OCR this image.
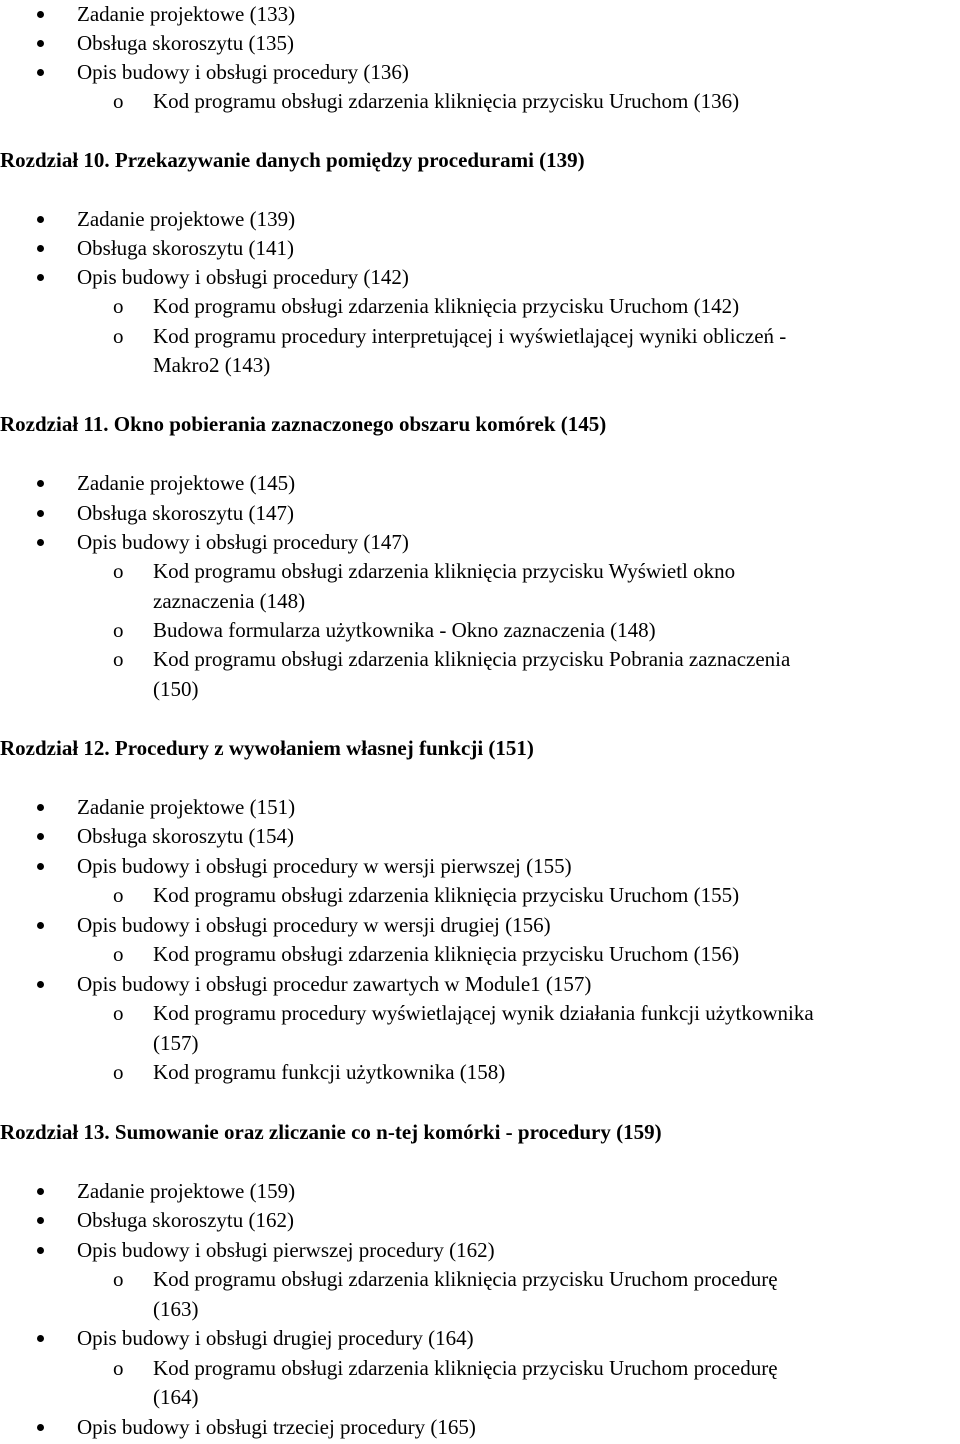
Zadanie projektowe (133)
Obsługa skoroszytu (135)
Opis budowy i obsługi procedury (136)
o Kod programu obsługi zdarzenia kliknięcia przycisku Uruchom (136)
Rozdział 10. Przekazywanie danych pomiędzy procedurami (139)
Zadanie projektowe (139)
Obsługa skoroszytu (141)
Opis budowy i obsługi procedury (142)
o Kod programu obsługi zdarzenia kliknięcia przycisku Uruchom (142)
o Kod programu procedury interpretującej i wyświetlającej wyniki obliczeń -
Makro2 (143)
Rozdział 11. Okno pobierania zaznaczonego obszaru komórek (145)
Zadanie projektowe (145)
Obsługa skoroszytu (147)
Opis budowy i obsługi procedury (147)
o Kod programu obsługi zdarzenia kliknięcia przycisku Wyświetl okno
zaznaczenia (148)
o Budowa formularza użytkownika - Okno zaznaczenia (148)
o Kod programu obsługi zdarzenia kliknięcia przycisku Pobrania zaznaczenia
(150)
Rozdział 12. Procedury z wywołaniem własnej funkcji (151)
Zadanie projektowe (151)
Obsługa skoroszytu (154)
Opis budowy i obsługi procedury w wersji pierwszej (155)
o Kod programu obsługi zdarzenia kliknięcia przycisku Uruchom (155)
Opis budowy i obsługi procedury w wersji drugiej (156)
o Kod programu obsługi zdarzenia kliknięcia przycisku Uruchom (156)
Opis budowy i obsługi procedur zawartych w Module1 (157)
o Kod programu procedury wyświetlającej wynik działania funkcji użytkownika
(157)
o Kod programu funkcji użytkownika (158)
Rozdział 13. Sumowanie oraz zliczanie co n-tej komórki - procedury (159)
Zadanie projektowe (159)
Obsługa skoroszytu (162)
Opis budowy i obsługi pierwszej procedury (162)
o Kod programu obsługi zdarzenia kliknięcia przycisku Uruchom procedurę
(163)
Opis budowy i obsługi drugiej procedury (164)
o Kod programu obsługi zdarzenia kliknięcia przycisku Uruchom procedurę
(164)
Opis budowy i obsługi trzeciej procedury (165)
